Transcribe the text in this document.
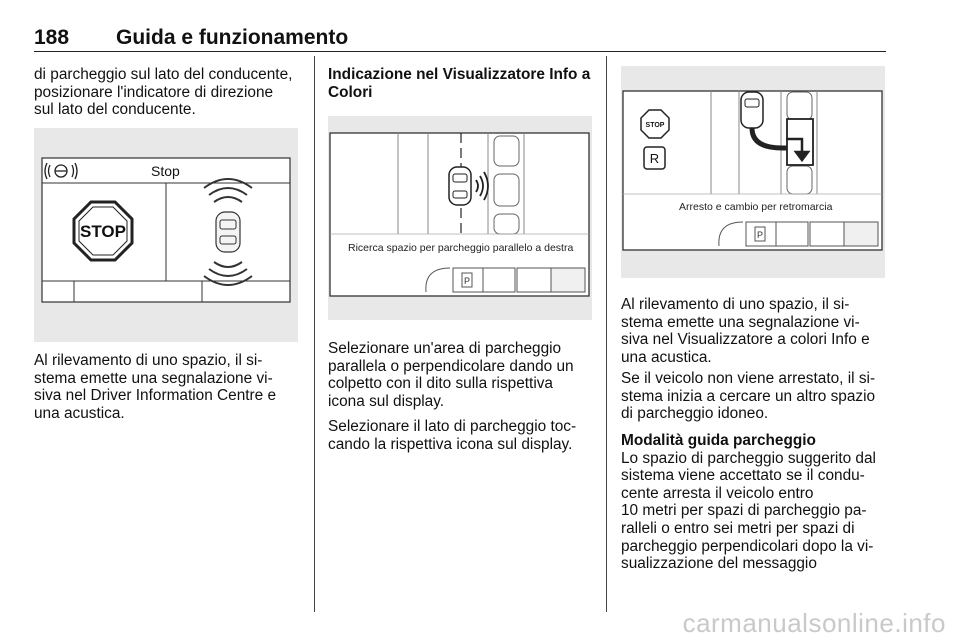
188 Guida e funzionamento

di parcheggio sul lato del conducente,

posizionare l'indicatore di direzione

sul lato del conducente.

Stop
STOP

Al rilevamento di uno spazio, il si-

stema emette una segnalazione vi-

siva nel Driver Information Centre e

una acustica.

Indicazione nel Visualizzatore Info a

Colori

Ricerca spazio per parcheggio parallelo a destra
P

Selezionare un'area di parcheggio

parallela o perpendicolare dando un

colpetto con il dito sulla rispettiva

icona sul display.

Selezionare il lato di parcheggio toc-

cando la rispettiva icona sul display.

STOP
R
Arresto e cambio per retromarcia
P

Al rilevamento di uno spazio, il si-

stema emette una segnalazione vi-

siva nel Visualizzatore a colori Info e

una acustica.

Se il veicolo non viene arrestato, il si-

stema inizia a cercare un altro spazio

di parcheggio idoneo.

Modalità guida parcheggio

Lo spazio di parcheggio suggerito dal

sistema viene accettato se il condu-

cente arresta il veicolo entro

10 metri per spazi di parcheggio pa-

ralleli o entro sei metri per spazi di

parcheggio perpendicolari dopo la vi-

sualizzazione del messaggio

carmanualsonline.info
